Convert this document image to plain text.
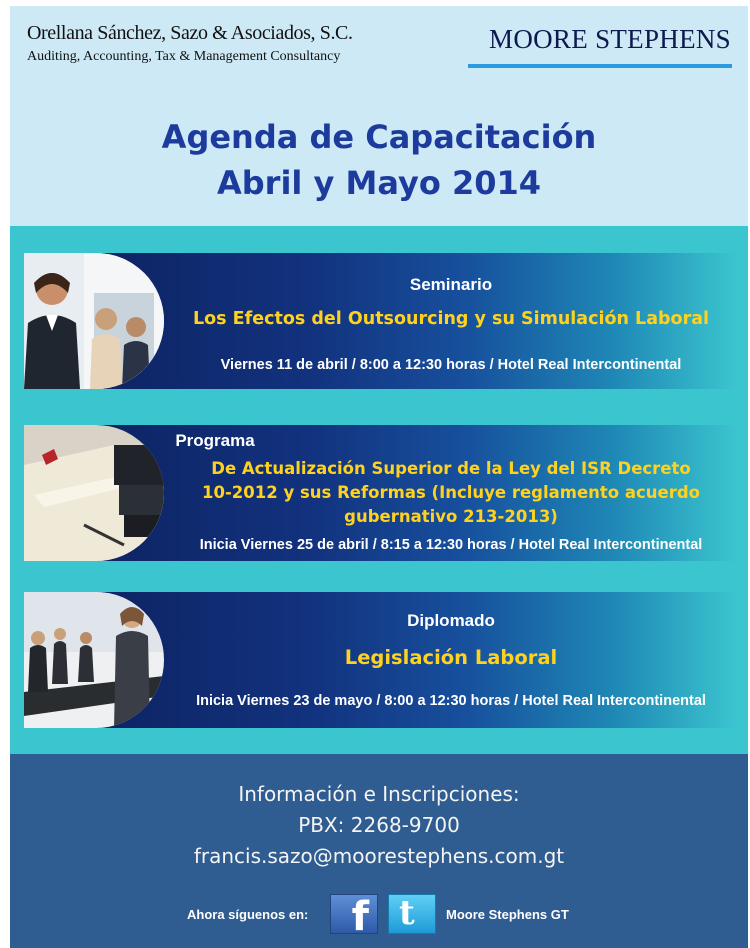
Orellana Sánchez, Sazo & Asociados, S.C.
Auditing, Accounting, Tax & Management Consultancy
MOORE STEPHENS
Agenda de Capacitación
Abril y Mayo 2014
Seminario
Los Efectos del Outsourcing y su Simulación Laboral
Viernes 11 de abril / 8:00 a 12:30 horas / Hotel Real Intercontinental
Programa
De Actualización Superior de la Ley del ISR Decreto
10-2012 y sus Reformas (Incluye reglamento acuerdo
gubernativo 213-2013)
Inicia Viernes 25 de abril / 8:15 a 12:30 horas / Hotel Real Intercontinental
Diplomado
Legislación Laboral
Inicia Viernes 23 de mayo / 8:00 a 12:30 horas / Hotel Real Intercontinental
Información e Inscripciones:
PBX: 2268-9700
francis.sazo@moorestephens.com.gt
Ahora síguenos en: f t Moore Stephens GT
